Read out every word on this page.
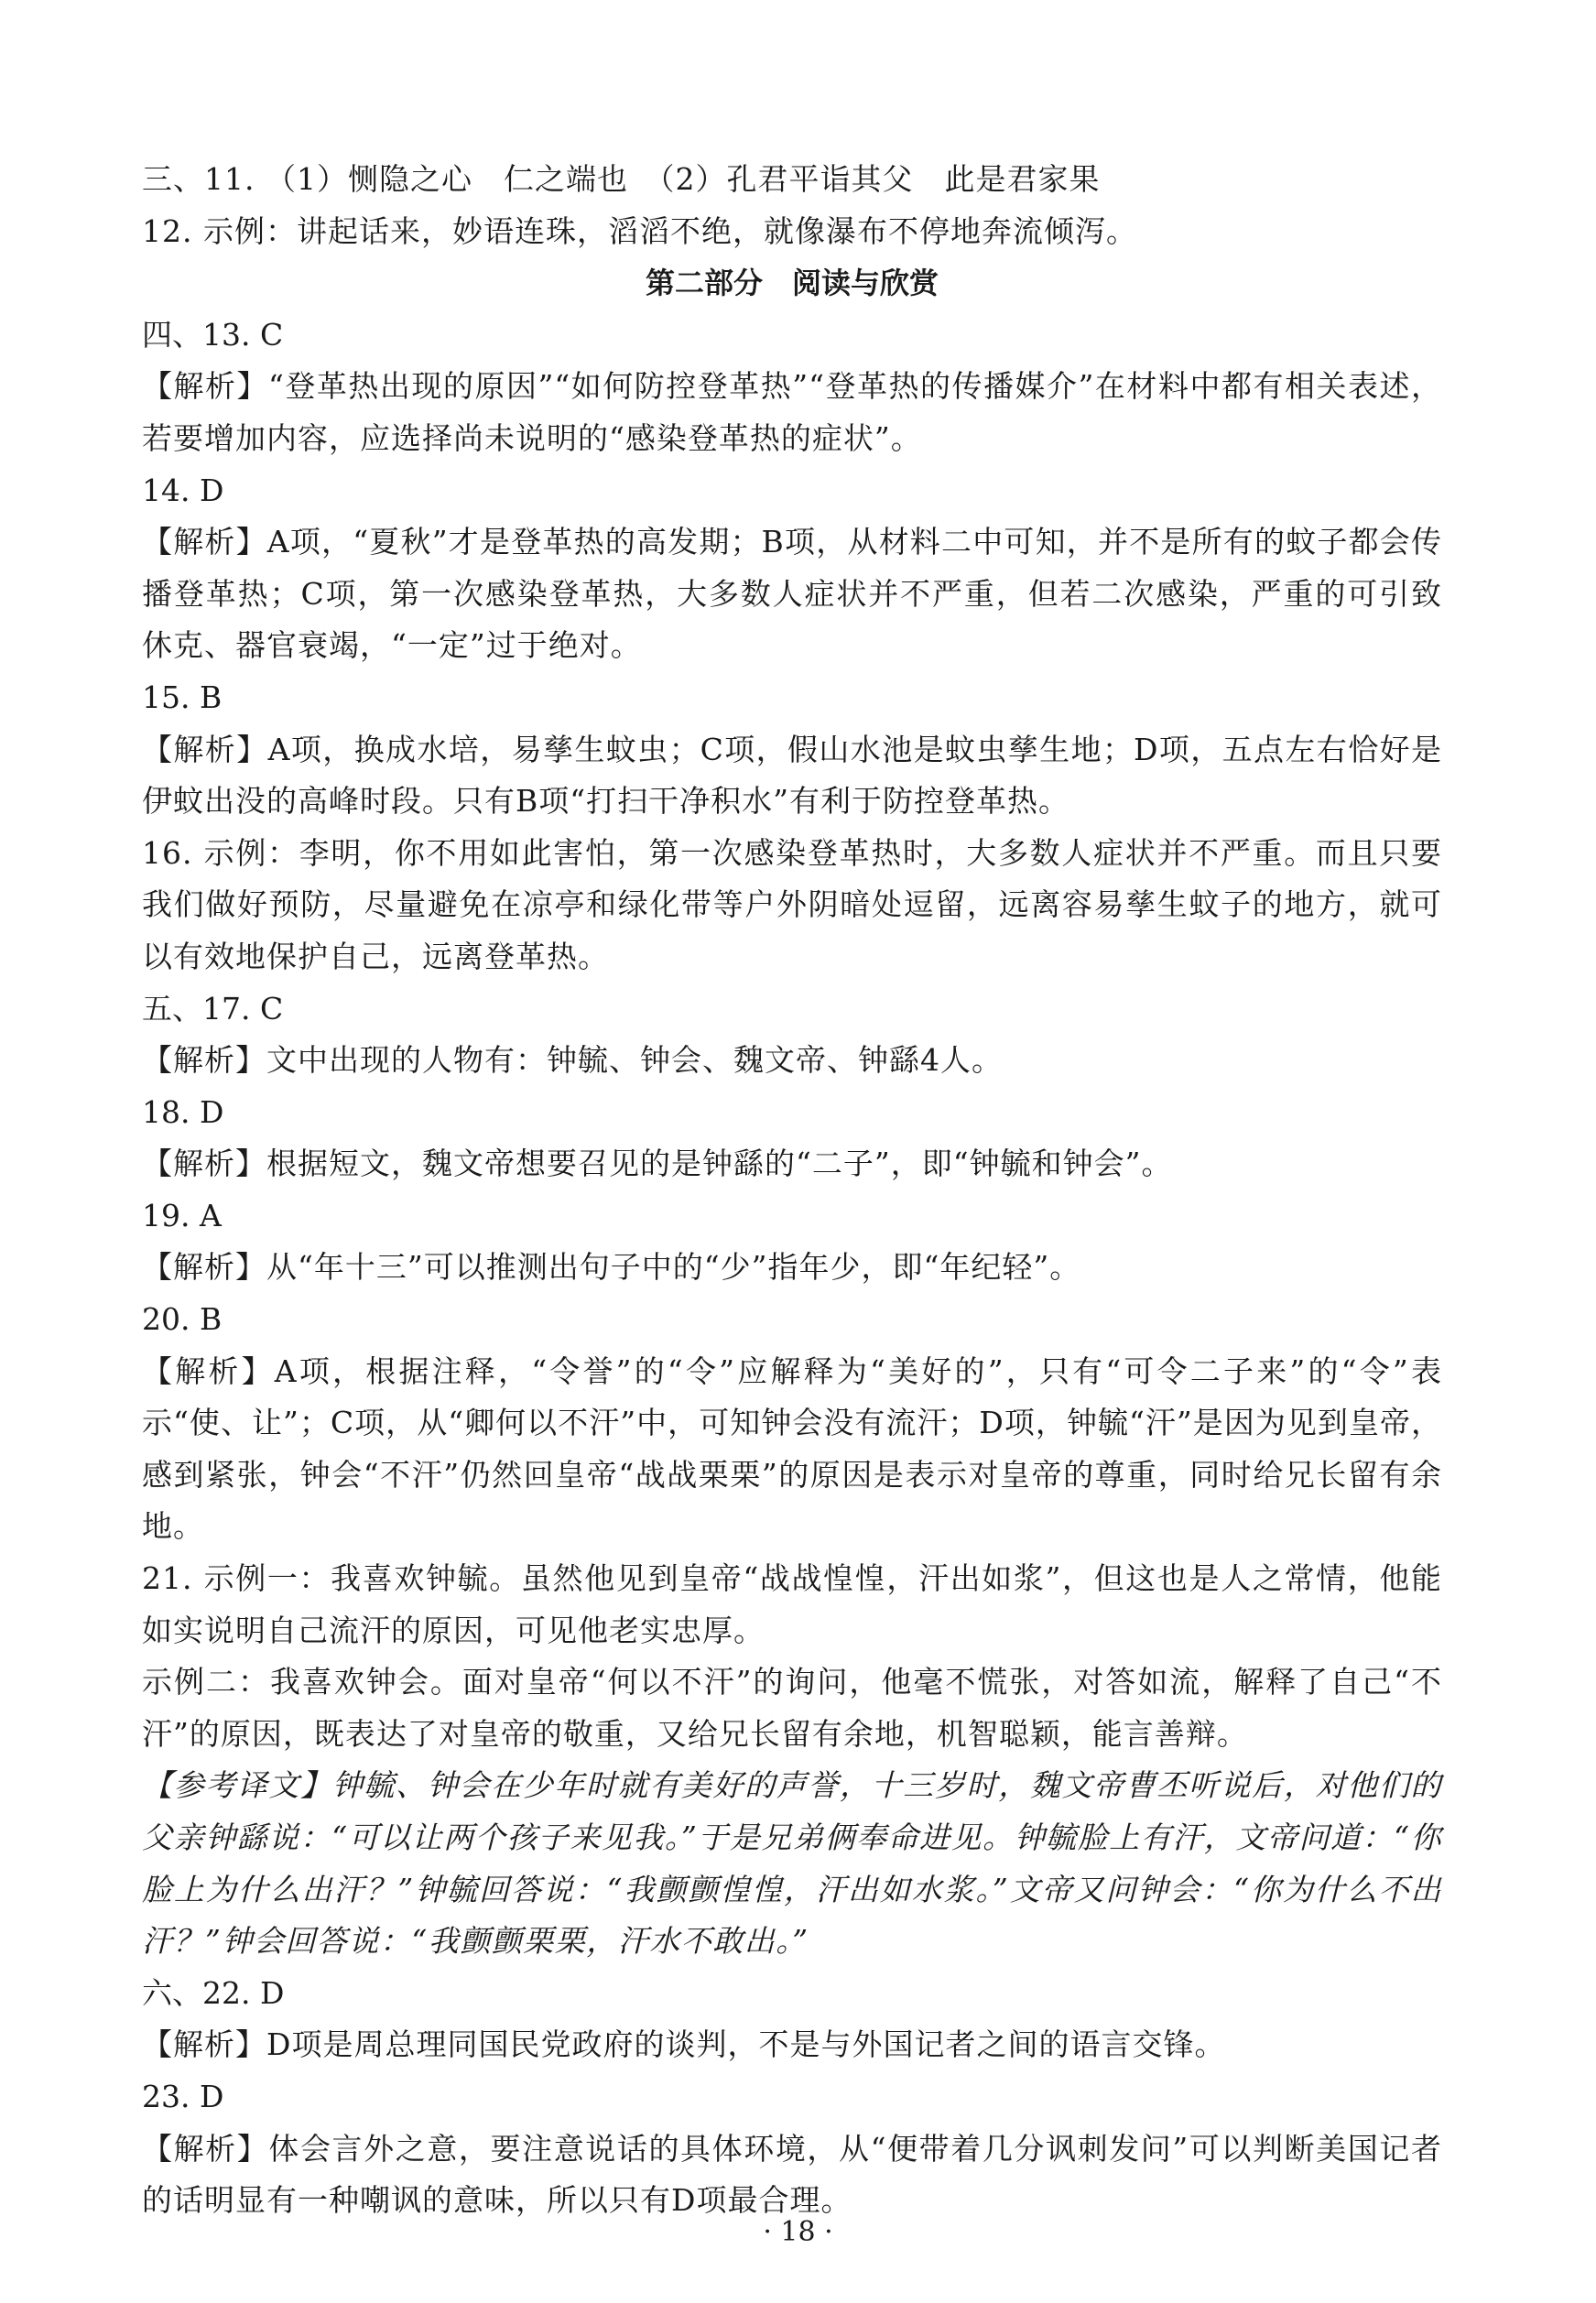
三、11. （1）恻隐之心　仁之端也　（2）孔君平诣其父　此是君家果

12. 示例：讲起话来，妙语连珠，滔滔不绝，就像瀑布不停地奔流倾泻。

第二部分　阅读与欣赏

四、13. C

【解析】“登革热出现的原因”“如何防控登革热”“登革热的传播媒介”在材料中都有相关表述，若要增加内容，应选择尚未说明的“感染登革热的症状”。

14. D

【解析】A项，“夏秋”才是登革热的高发期；B项，从材料二中可知，并不是所有的蚊子都会传播登革热；C项，第一次感染登革热，大多数人症状并不严重，但若二次感染，严重的可引致休克、器官衰竭，“一定”过于绝对。

15. B

【解析】A项，换成水培，易孳生蚊虫；C项，假山水池是蚊虫孳生地；D项，五点左右恰好是伊蚊出没的高峰时段。只有B项“打扫干净积水”有利于防控登革热。

16. 示例：李明，你不用如此害怕，第一次感染登革热时，大多数人症状并不严重。而且只要我们做好预防，尽量避免在凉亭和绿化带等户外阴暗处逗留，远离容易孳生蚊子的地方，就可以有效地保护自己，远离登革热。

五、17. C

【解析】文中出现的人物有：钟毓、钟会、魏文帝、钟繇4人。

18. D

【解析】根据短文，魏文帝想要召见的是钟繇的“二子”，即“钟毓和钟会”。

19. A

【解析】从“年十三”可以推测出句子中的“少”指年少，即“年纪轻”。

20. B

【解析】A项，根据注释，“令誉”的“令”应解释为“美好的”，只有“可令二子来”的“令”表示“使、让”；C项，从“卿何以不汗”中，可知钟会没有流汗；D项，钟毓“汗”是因为见到皇帝，感到紧张，钟会“不汗”仍然回皇帝“战战栗栗”的原因是表示对皇帝的尊重，同时给兄长留有余地。

21. 示例一：我喜欢钟毓。虽然他见到皇帝“战战惶惶，汗出如浆”，但这也是人之常情，他能如实说明自己流汗的原因，可见他老实忠厚。

示例二：我喜欢钟会。面对皇帝“何以不汗”的询问，他毫不慌张，对答如流，解释了自己“不汗”的原因，既表达了对皇帝的敬重，又给兄长留有余地，机智聪颖，能言善辩。

【参考译文】钟毓、钟会在少年时就有美好的声誉，十三岁时，魏文帝曹丕听说后，对他们的父亲钟繇说：“可以让两个孩子来见我。”于是兄弟俩奉命进见。钟毓脸上有汗，文帝问道：“你脸上为什么出汗？”钟毓回答说：“我颤颤惶惶，汗出如水浆。”文帝又问钟会：“你为什么不出汗？”钟会回答说：“我颤颤栗栗，汗水不敢出。”

六、22. D

【解析】D项是周总理同国民党政府的谈判，不是与外国记者之间的语言交锋。

23. D

【解析】体会言外之意，要注意说话的具体环境，从“便带着几分讽刺发问”可以判断美国记者的话明显有一种嘲讽的意味，所以只有D项最合理。

· 18 ·
